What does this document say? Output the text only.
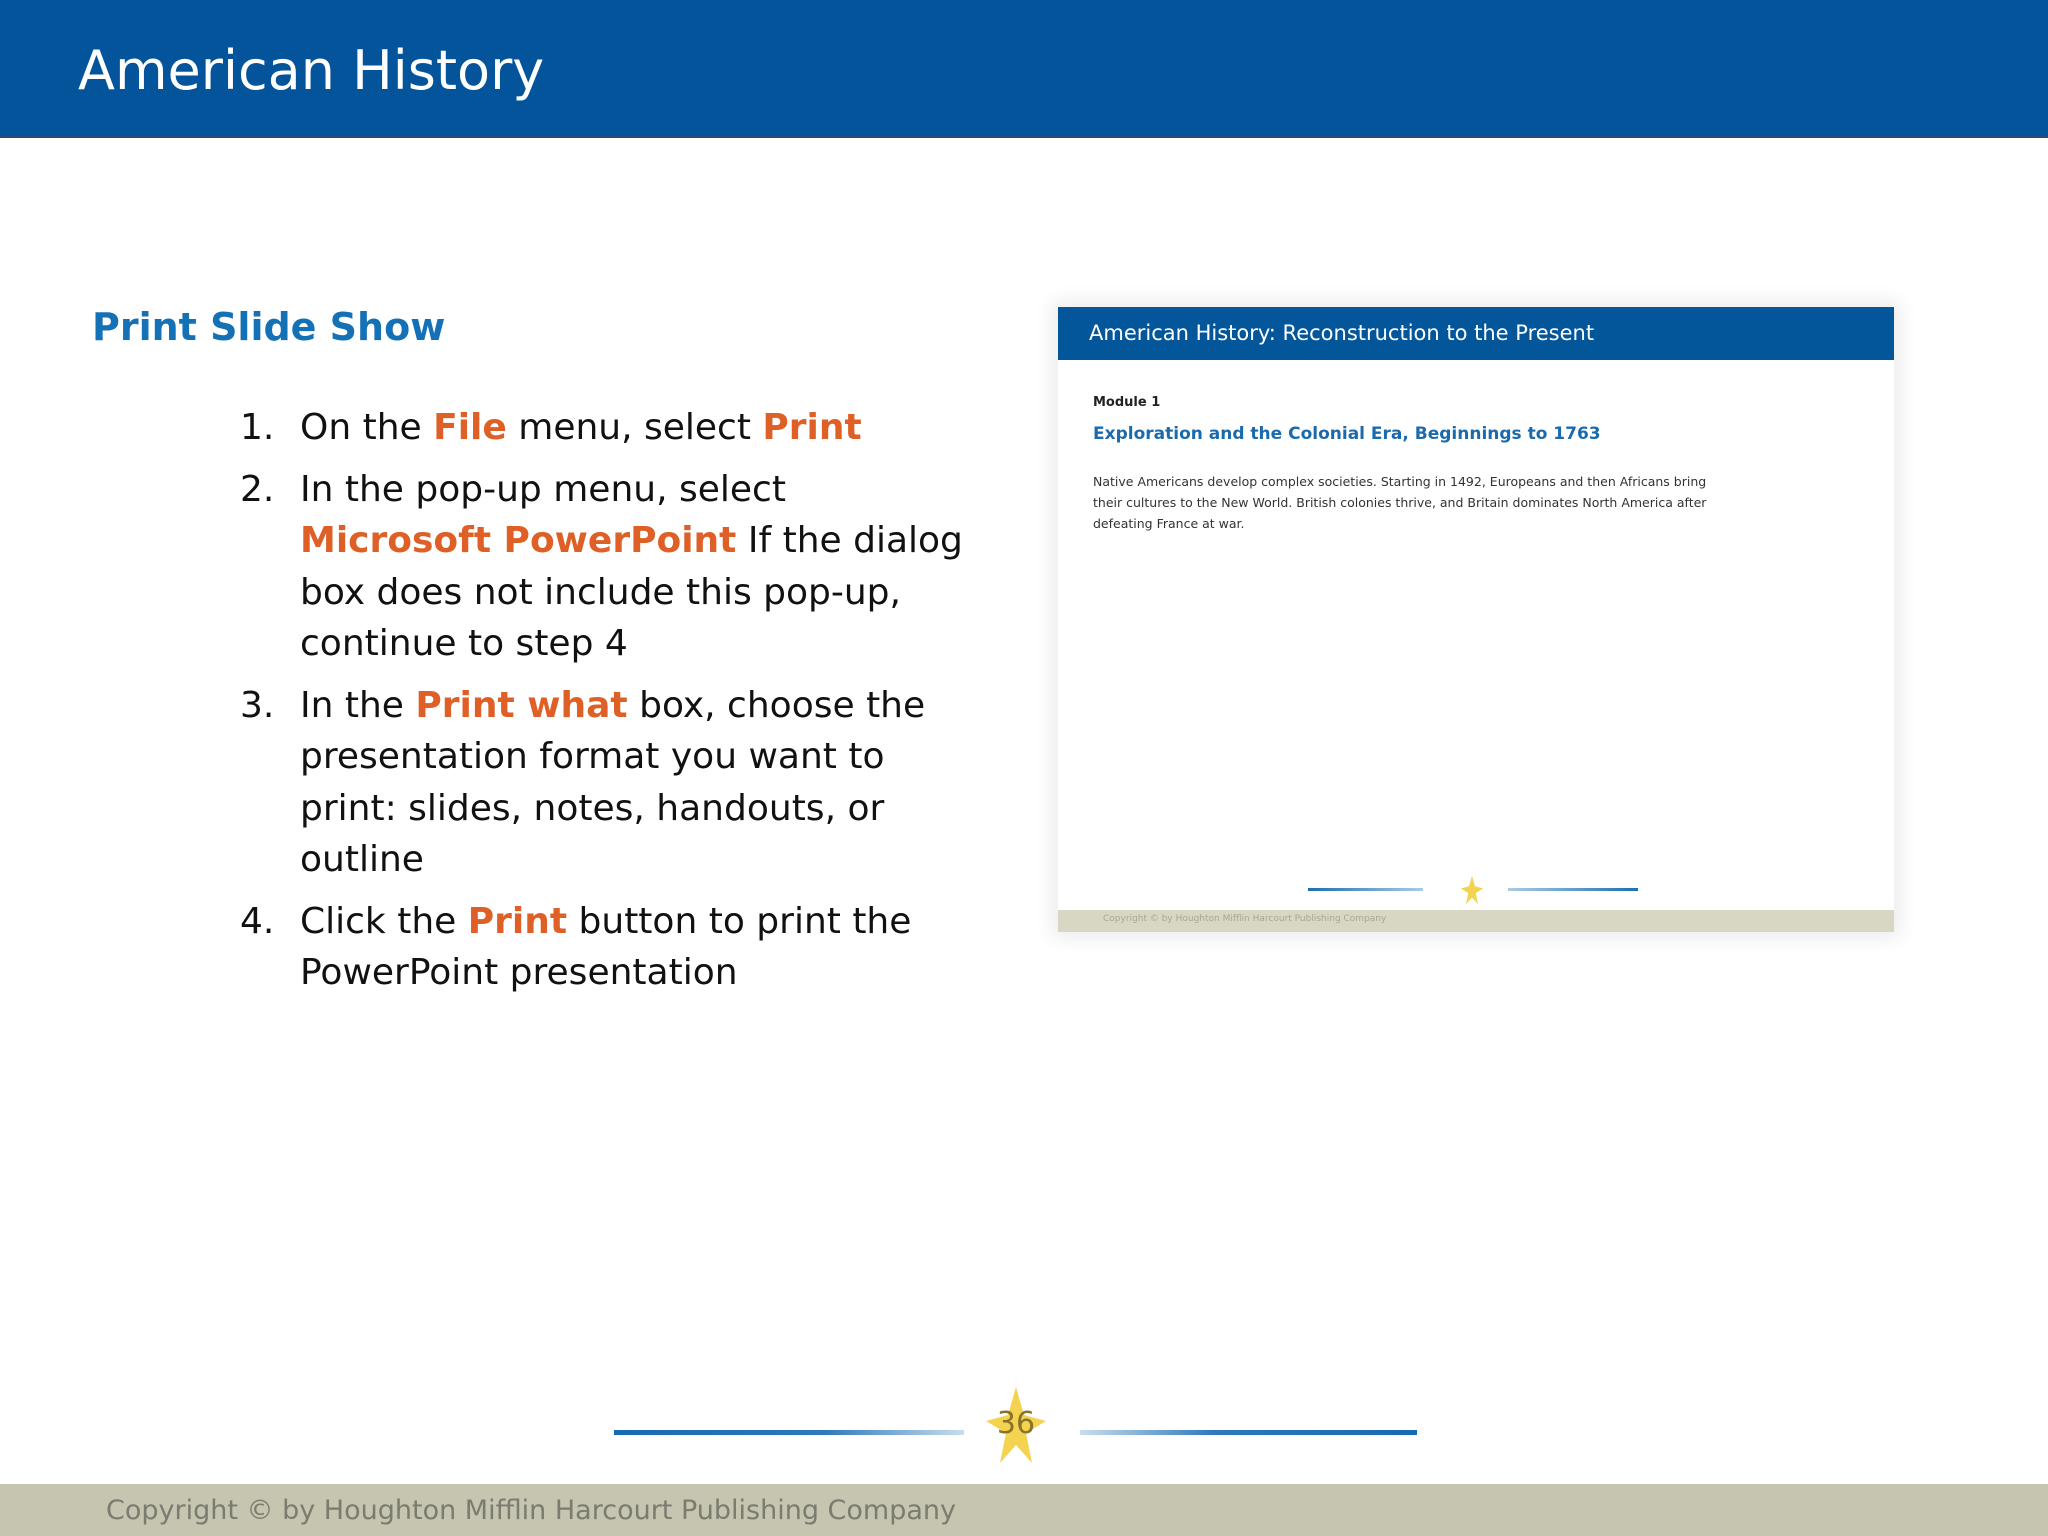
American History
Print Slide Show
1. On the File menu, select Print
2. In the pop-up menu, select Microsoft PowerPoint If the dialog box does not include this pop-up, continue to step 4
3. In the Print what box, choose the presentation format you want to print: slides, notes, handouts, or outline
4. Click the Print button to print the PowerPoint presentation
American History: Reconstruction to the Present
Module 1
Exploration and the Colonial Era, Beginnings to 1763
Native Americans develop complex societies. Starting in 1492, Europeans and then Africans bring their cultures to the New World. British colonies thrive, and Britain dominates North America after defeating France at war.
Copyright © by Houghton Mifflin Harcourt Publishing Company
36
Copyright © by Houghton Mifflin Harcourt Publishing Company
